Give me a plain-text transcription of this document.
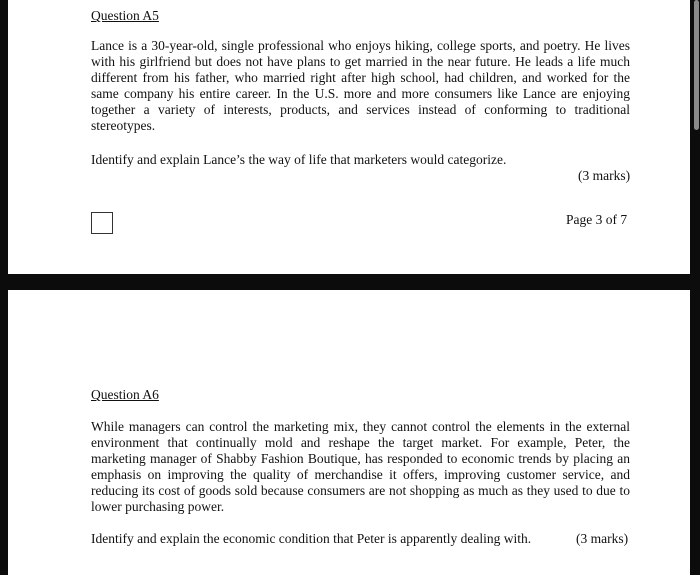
Question A5

Lance is a 30-year-old, single professional who enjoys hiking, college sports, and poetry. He lives with his girlfriend but does not have plans to get married in the near future. He leads a life much different from his father, who married right after high school, had children, and worked for the same company his entire career. In the U.S. more and more consumers like Lance are enjoying together a variety of interests, products, and services instead of conforming to traditional stereotypes.

Identify and explain Lance’s the way of life that marketers would categorize.

(3 marks)

Page 3 of 7

Question A6

While managers can control the marketing mix, they cannot control the elements in the external environment that continually mold and reshape the target market. For example, Peter, the marketing manager of Shabby Fashion Boutique, has responded to economic trends by placing an emphasis on improving the quality of merchandise it offers, improving customer service, and reducing its cost of goods sold because consumers are not shopping as much as they used to due to lower purchasing power.

Identify and explain the economic condition that Peter is apparently dealing with.	(3 marks)
